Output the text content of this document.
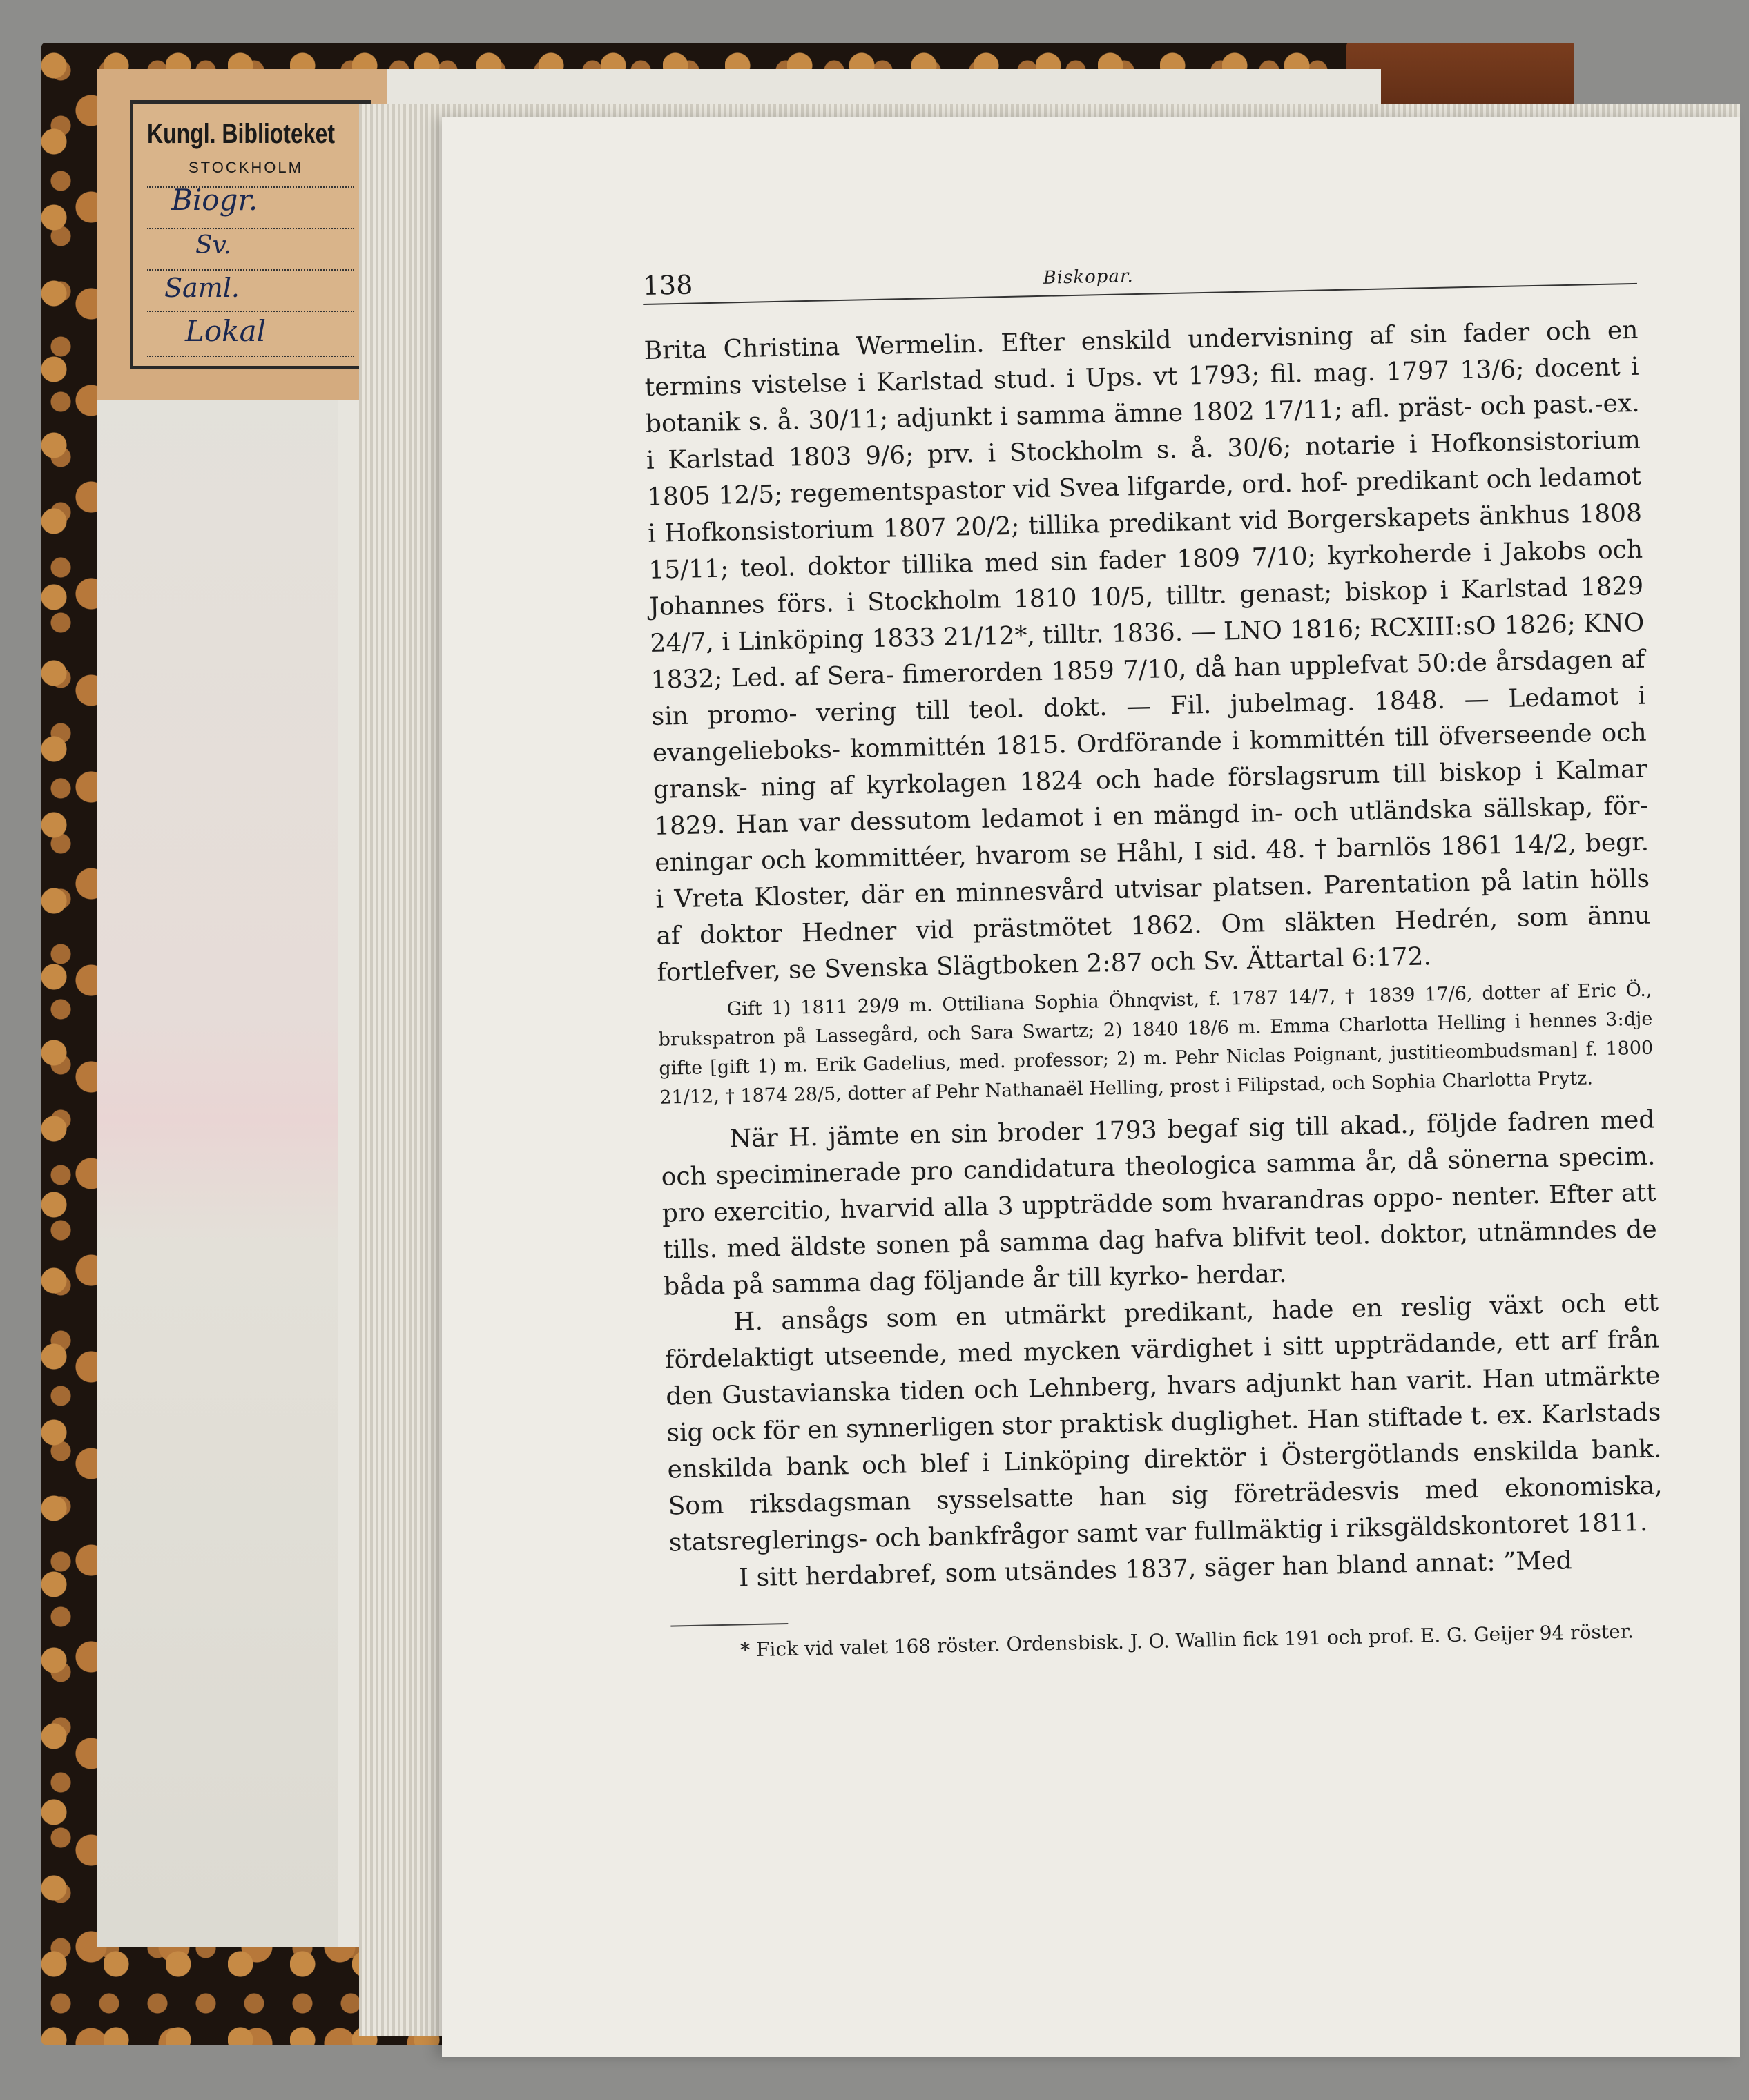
Kungl. Biblioteket
STOCKHOLM
Biogr.
Sv.
Saml.
Lokal
138	Biskopar.

Brita Christina Wermelin. Efter enskild undervisning af sin fader och en termins vistelse i Karlstad stud. i Ups. vt 1793; fil. mag. 1797 13/6; docent i botanik s. å. 30/11; adjunkt i samma ämne 1802 17/11; afl. präst- och past.-ex. i Karlstad 1803 9/6; prv. i Stockholm s. å. 30/6; notarie i Hofkonsistorium 1805 12/5; regementspastor vid Svea lifgarde, ord. hof- predikant och ledamot i Hofkonsistorium 1807 20/2; tillika predikant vid Borgerskapets änkhus 1808 15/11; teol. doktor tillika med sin fader 1809 7/10; kyrkoherde i Jakobs och Johannes förs. i Stockholm 1810 10/5, tilltr. genast; biskop i Karlstad 1829 24/7, i Linköping 1833 21/12*, tilltr. 1836. — LNO 1816; RCXIII:sO 1826; KNO 1832; Led. af Sera- fimerorden 1859 7/10, då han upplefvat 50:de årsdagen af sin promo- vering till teol. dokt. — Fil. jubelmag. 1848. — Ledamot i evangelieboks- kommittén 1815. Ordförande i kommittén till öfverseende och gransk- ning af kyrkolagen 1824 och hade förslagsrum till biskop i Kalmar 1829. Han var dessutom ledamot i en mängd in- och utländska sällskap, för- eningar och kommittéer, hvarom se Håhl, I sid. 48. † barnlös 1861 14/2, begr. i Vreta Kloster, där en minnesvård utvisar platsen. Parentation på latin hölls af doktor Hedner vid prästmötet 1862. Om släkten Hedrén, som ännu fortlefver, se Svenska Slägtboken 2:87 och Sv. Ättartal 6:172.

Gift 1) 1811 29/9 m. Ottiliana Sophia Öhnqvist, f. 1787 14/7, † 1839 17/6, dotter af Eric Ö., brukspatron på Lassegård, och Sara Swartz; 2) 1840 18/6 m. Emma Charlotta Helling i hennes 3:dje gifte [gift 1) m. Erik Gadelius, med. professor; 2) m. Pehr Niclas Poignant, justitieombudsman] f. 1800 21/12, † 1874 28/5, dotter af Pehr Nathanaël Helling, prost i Filipstad, och Sophia Charlotta Prytz.

När H. jämte en sin broder 1793 begaf sig till akad., följde fadren med och speciminerade pro candidatura theologica samma år, då sönerna specim. pro exercitio, hvarvid alla 3 uppträdde som hvarandras oppo- nenter. Efter att tills. med äldste sonen på samma dag hafva blifvit teol. doktor, utnämndes de båda på samma dag följande år till kyrko- herdar.

H. ansågs som en utmärkt predikant, hade en reslig växt och ett fördelaktigt utseende, med mycken värdighet i sitt uppträdande, ett arf från den Gustavianska tiden och Lehnberg, hvars adjunkt han varit. Han utmärkte sig ock för en synnerligen stor praktisk duglighet. Han stiftade t. ex. Karlstads enskilda bank och blef i Linköping direktör i Östergötlands enskilda bank. Som riksdagsman sysselsatte han sig företrädesvis med ekonomiska, statsreglerings- och bankfrågor samt var fullmäktig i riksgäldskontoret 1811.

I sitt herdabref, som utsändes 1837, säger han bland annat: ”Med

* Fick vid valet 168 röster. Ordensbisk. J. O. Wallin fick 191 och prof. E. G. Geijer 94 röster.
